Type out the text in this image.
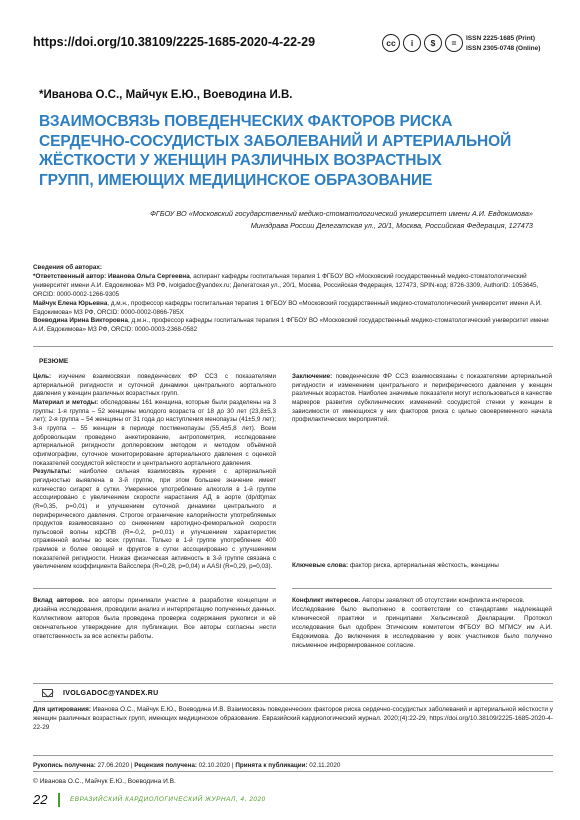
https://doi.org/10.38109/2225-1685-2020-4-22-29	cc	i	$	=	ISSN 2225-1685 (Print)
ISSN 2305-0748 (Online)
*Иванова О.С., Майчук Е.Ю., Воеводина И.В.
ВЗАИМОСВЯЗЬ ПОВЕДЕНЧЕСКИХ ФАКТОРОВ РИСКА
СЕРДЕЧНО-СОСУДИСТЫХ ЗАБОЛЕВАНИЙ И АРТЕРИАЛЬНОЙ
ЖЁСТКОСТИ У ЖЕНЩИН РАЗЛИЧНЫХ ВОЗРАСТНЫХ
ГРУПП, ИМЕЮЩИХ МЕДИЦИНСКОЕ ОБРАЗОВАНИЕ
ФГБОУ ВО «Московский государственный медико-стоматологический университет имени А.И. Евдокимова»
Минздрава России Делегатская ул., 20/1, Москва, Российская Федерация, 127473
Сведения об авторах:
*Ответственный автор: Иванова Ольга Сергеевна, аспирант кафедры госпитальная терапия 1 ФГБОУ ВО «Московский государственный медико-стоматологический университет имени А.И. Евдокимова» МЗ РФ, ivolgadoc@yandex.ru; Делегатская ул., 20/1, Москва, Российская Федерация, 127473, SPIN-код: 8726-3309, AuthorID: 1053645, ORCID: 0000-0002-1266-9305
Майчук Елена Юрьевна, д.м.н., профессор кафедры госпитальная терапия 1 ФГБОУ ВО «Московский государственный медико-стоматологический университет имени А.И. Евдокимова» МЗ РФ, ORCID: 0000-0002-0866-785X
Воеводина Ирина Викторовна, д.м.н., профессор кафедры госпитальная терапия 1 ФГБОУ ВО «Московский государственный медико-стоматологический университет имени А.И. Евдокимова» МЗ РФ, ORCID: 0000-0003-2368-0582
РЕЗЮМЕ

Цель: изучение взаимосвязи поведенческих ФР ССЗ с показателями артериальной ригидности и суточной динамики центрального аортального давления у женщин различных возрастных групп.

Материал и методы: обследованы 161 женщина, которые были разделены на 3 группы: 1-я группа – 52 женщины молодого возраста от 18 до 30 лет (23,8±5,3 лет); 2-я группа – 54 женщины от 31 года до наступления менопаузы (41±5,9 лет); 3-я группа – 55 женщин в периоде постменопаузы (55,4±5,8 лет). Всем добровольцам проведено анкетирование, антропометрия, исследование артериальной ригидности доплеровским методом и методом объёмной сфигмографии, суточное мониторирование артериального давления с оценкой показателей сосудистой жёсткости и центрального аортального давления.

Результаты: наиболее сильная взаимосвязь курения с артериальной ригидностью выявлена в 3-й группе, при этом большее значение имеет количество сигарет в сутки. Умеренное употребление алкоголя в 1-й группе ассоциировано с увеличением скорости нарастания АД в аорте (dp/dt)max (R=0,35, p=0,01) и улучшением суточной динамики центрального и периферического давления. Строгое ограничение калорийности употребляемых продуктов взаимосвязано со снижением каротидно-феморальной скорости пульсовой волны кфСПВ (R=-0,2, p=0,01) и улучшением характеристик отраженной волны во всех группах. Только в 1-й группе употребление 400 граммов и более овощей и фруктов в сутки ассоциировано с улучшением показателей ригидности. Низкая физическая активность в 3-й группе связана с увеличением коэффициента Вайсслера (R=0,28, p=0,04) и AASI (R=0,29, p=0,03).

Заключение: поведенческие ФР ССЗ взаимосвязаны с показателями артериальной ригидности и изменением центрального и периферического давления у женщин различных возрастов. Наиболее значимые показатели могут использоваться в качестве маркеров развития субклинических изменений сосудистой стенки у женщин в зависимости от имеющихся у них факторов риска с целью своевременного начала профилактических мероприятий.

Ключевые слова: фактор риска, артериальная жёсткость, женщины
Вклад авторов. все авторы принимали участие в разработке концепции и дизайна исследования, проводили анализ и интерпретацию полученных данных. Коллективом авторов была проведена проверка содержания рукописи и её окончательное утверждение для публикации. Все авторы согласны нести ответственность за все аспекты работы.
Конфликт интересов. Авторы заявляют об отсутствии конфликта интересов.
Исследование было выполнено в соответствии со стандартами надлежащей клинической практики и принципами Хельсинской Декларации. Протокол исследования был одобрен Этическим комитетом ФГБОУ ВО МГМСУ им А.И. Евдокимова. До включения в исследование у всех участников было получено письменное информированное согласие.
IVOLGADOC@YANDEX.RU
Для цитирования: Иванова О.С., Майчук Е.Ю., Воеводина И.В. Взаимосвязь поведенческих факторов риска сердечно-сосудистых заболеваний и артериальной жёсткости у женщин различных возрастных групп, имеющих медицинское образование. Евразийский кардиологический журнал. 2020;(4):22-29, https://doi.org/10.38109/2225-1685-2020-4-22-29
Рукопись получена: 27.06.2020 | Рецензия получена: 02.10.2020 | Принята к публикации: 02.11.2020
© Иванова О.С., Майчук Е.Ю., Воеводина И.В.
22	ЕВРАЗИЙСКИЙ КАРДИОЛОГИЧЕСКИЙ ЖУРНАЛ, 4, 2020
